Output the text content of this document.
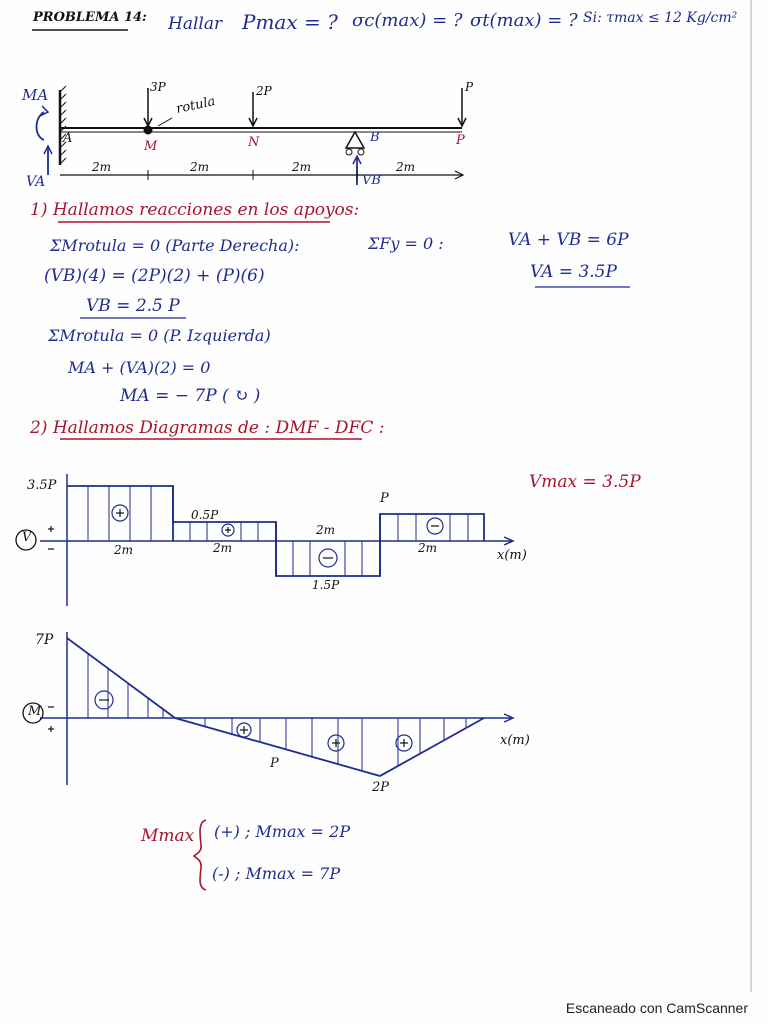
PROBLEMA 14: Hallar Pmax = ? σc(max) = ? σt(max) = ? Si: τmax ≤ 12 Kg/cm²
MA
VA
A
M	N	B	P
VB
rotula
3P	2P	P
2m	2m	2m	2m
1) Hallamos reacciones en los apoyos:
ΣMrotula = 0 (Parte Derecha):
(VB)(4) = (2P)(2) + (P)(6)
VB = 2.5 P
ΣMrotula = 0 (P. Izquierda)
MA + (VA)(2) = 0
MA = − 7P ( ↻ )
ΣFy = 0 :	VA + VB = 6P
VA = 3.5P
2) Hallamos Diagramas de : DMF - DFC :
V
3.5P
0.5P
1.5P
P
2m	2m
2m
2m	x(m)
Vmax = 3.5P
M
7P
P
2P
x(m)
Mmax (+) ; Mmax = 2P
(-) ; Mmax = 7P
Escaneado con CamScanner
